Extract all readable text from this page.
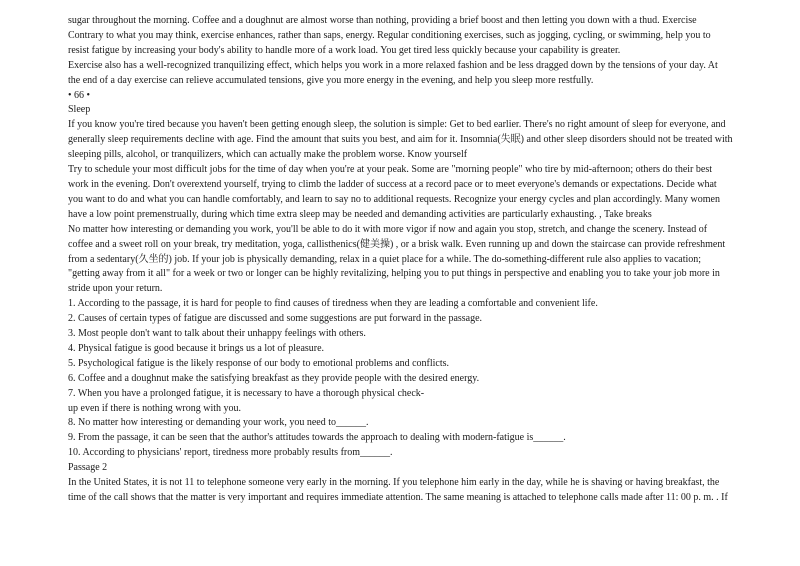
sugar throughout the morning. Coffee and a doughnut are almost worse than nothing, providing a brief boost and then letting you down with a thud. Exercise

Contrary to what you may think, exercise enhances, rather than saps, energy. Regular conditioning exercises, such as jogging, cycling, or swimming, help you to

resist fatigue by increasing your body's ability to handle more of a work load. You get tired less quickly because your capability is greater.

Exercise also has a well-recognized tranquilizing effect, which helps you work in a more relaxed fashion and be less dragged down by the tensions of your day. At

the end of a day exercise can relieve accumulated tensions, give you more energy in the evening, and help you sleep more restfully.

• 66 •

Sleep

If you know you're tired because you haven't been getting enough sleep, the solution is simple: Get to bed earlier. There's no right amount of sleep for everyone, and

generally sleep requirements decline with age. Find the amount that suits you best, and aim for it. Insomnia(失眠) and other sleep disorders should not be treated with

sleeping pills, alcohol, or tranquilizers, which can actually make the problem worse. Know yourself

Try to schedule your most difficult jobs for the time of day when you're at your peak. Some are "morning people" who tire by mid-afternoon; others do their best

work in the evening. Don't overextend yourself, trying to climb the ladder of success at a record pace or to meet everyone's demands or expectations. Decide what

you want to do and what you can handle comfortably, and learn to say no to additional requests. Recognize your energy cycles and plan accordingly. Many women

have a low point premenstrually, during which time extra sleep may be needed and demanding activities are particularly exhausting. , Take breaks

No matter how interesting or demanding you work, you'll be able to do it with more vigor if now and again you stop, stretch, and change the scenery. Instead of

coffee and a sweet roll on your break, try meditation, yoga, callisthenics(健美操) , or a brisk walk. Even running up and down the staircase can provide refreshment

from a sedentary(久坐的) job. If your job is physically demanding, relax in a quiet place for a while. The do-something-different rule also applies to vacation;

"getting away from it all" for a week or two or longer can be highly revitalizing, helping you to put things in perspective and enabling you to take your job more in

stride upon your return.

1. According to the passage, it is hard for people to find causes of tiredness when they are leading a comfortable and convenient life.

2. Causes of certain types of fatigue are discussed and some suggestions are put forward in the passage.

3. Most people don't want to talk about their unhappy feelings with others.

4. Physical fatigue is good because it brings us a lot of pleasure.

5. Psychological fatigue is the likely response of our body to emotional problems and conflicts.

6. Coffee and a doughnut make the satisfying breakfast as they provide people with the desired energy.

7. When you have a prolonged fatigue, it is necessary to have a thorough physical check-

up even if there is nothing wrong with you.

8. No matter how interesting or demanding your work, you need to______.

9. From the passage, it can be seen that the author's attitudes towards the approach to dealing with modern-fatigue is______.

10. According to physicians' report, tiredness more probably results from______.

Passage 2

In the United States, it is not 11 to telephone someone very early in the morning. If you telephone him early in the day, while he is shaving or having breakfast, the

time of the call shows that the matter is very important and requires immediate attention. The same meaning is attached to telephone calls made after 11: 00 p. m. . If
